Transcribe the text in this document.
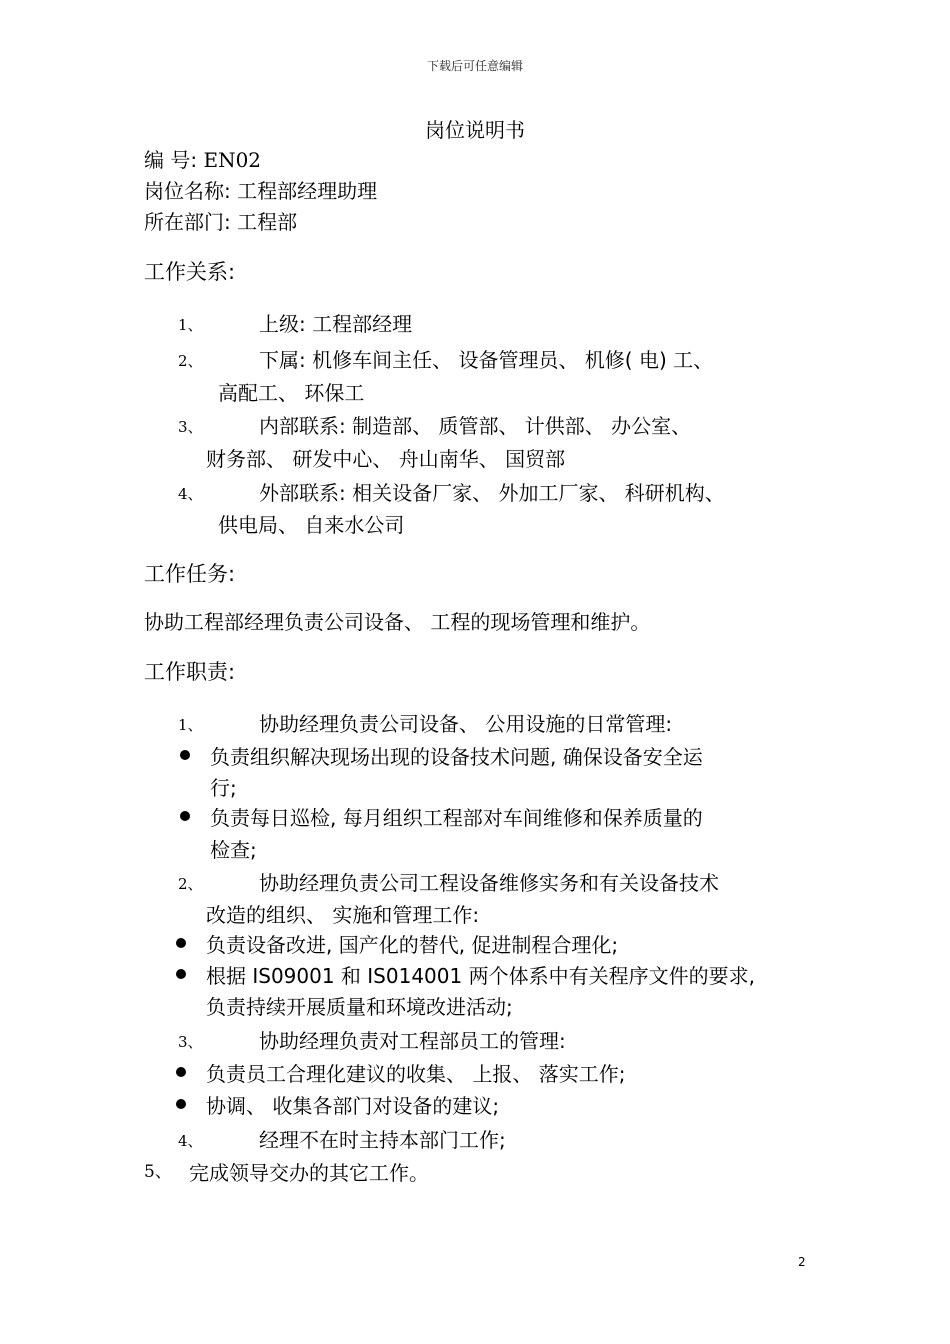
下载后可任意编辑
岗位说明书
编 号: EN02
岗位名称: 工程部经理助理
所在部门: 工程部
工作关系:
1、	上级: 工程部经理
2、	下属: 机修车间主任、 设备管理员、 机修( 电) 工、
高配工、 环保工
3、	内部联系: 制造部、 质管部、 计供部、 办公室、
财务部、 研发中心、 舟山南华、 国贸部
4、	外部联系: 相关设备厂家、 外加工厂家、 科研机构、
供电局、 自来水公司
工作任务:
协助工程部经理负责公司设备、 工程的现场管理和维护。
工作职责:
1、	协助经理负责公司设备、 公用设施的日常管理:
负责组织解决现场出现的设备技术问题, 确保设备安全运
行;
负责每日巡检, 每月组织工程部对车间维修和保养质量的
检查;
2、	协助经理负责公司工程设备维修实务和有关设备技术
改造的组织、 实施和管理工作:
负责设备改进, 国产化的替代, 促进制程合理化;
根据 IS09001 和 IS014001 两个体系中有关程序文件的要求,
负责持续开展质量和环境改进活动;
3、	协助经理负责对工程部员工的管理:
负责员工合理化建议的收集、 上报、 落实工作;
协调、 收集各部门对设备的建议;
4、	经理不在时主持本部门工作;
5、 完成领导交办的其它工作。
2
